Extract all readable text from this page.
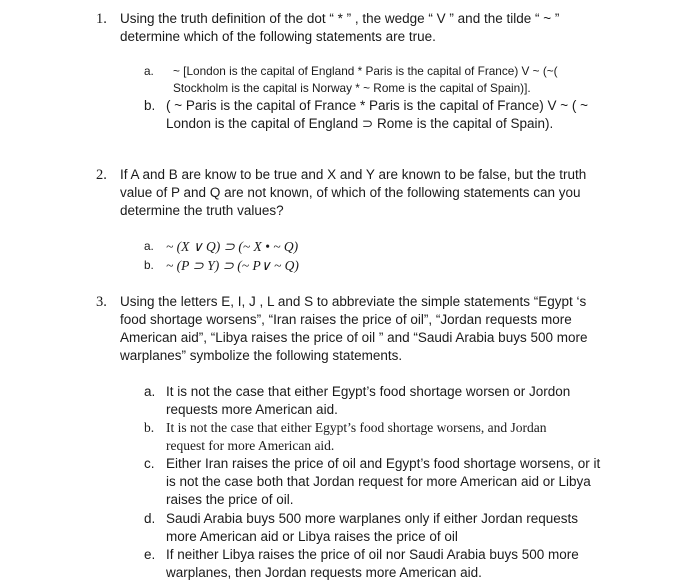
1. Using the truth definition of the dot “ * ” , the wedge “ V ” and the tilde “ ~ ”
determine which of the following statements are true.
a.	~ [London is the capital of England * Paris is the capital of France) V ~ (~(
Stockholm is the capital is Norway * ~ Rome is the capital of Spain)].
b. ( ~ Paris is the capital of France * Paris is the capital of France) V ~ ( ~
London is the capital of England ⊃ Rome is the capital of Spain).
2. If A and B are know to be true and X and Y are known to be false, but the truth
value of P and Q are not known, of which of the following statements can you
determine the truth values?
a. ~ (X ∨ Q) ⊃ (~ X • ~ Q)
b. ~ (P ⊃ Y) ⊃ (~ P∨ ~ Q)
3. Using the letters E, I, J , L and S to abbreviate the simple statements “Egypt ‘s
food shortage worsens”, “Iran raises the price of oil”, “Jordan requests more
American aid”, “Libya raises the price of oil ” and “Saudi Arabia buys 500 more
warplanes” symbolize the following statements.
a. It is not the case that either Egypt’s food shortage worsen or Jordon
requests more American aid.
b. It is not the case that either Egypt’s food shortage worsens, and Jordan
request for more American aid.
c. Either Iran raises the price of oil and Egypt’s food shortage worsens, or it
is not the case both that Jordan request for more American aid or Libya
raises the price of oil.
d. Saudi Arabia buys 500 more warplanes only if either Jordan requests
more American aid or Libya raises the price of oil
e. If neither Libya raises the price of oil nor Saudi Arabia buys 500 more
warplanes, then Jordan requests more American aid.
